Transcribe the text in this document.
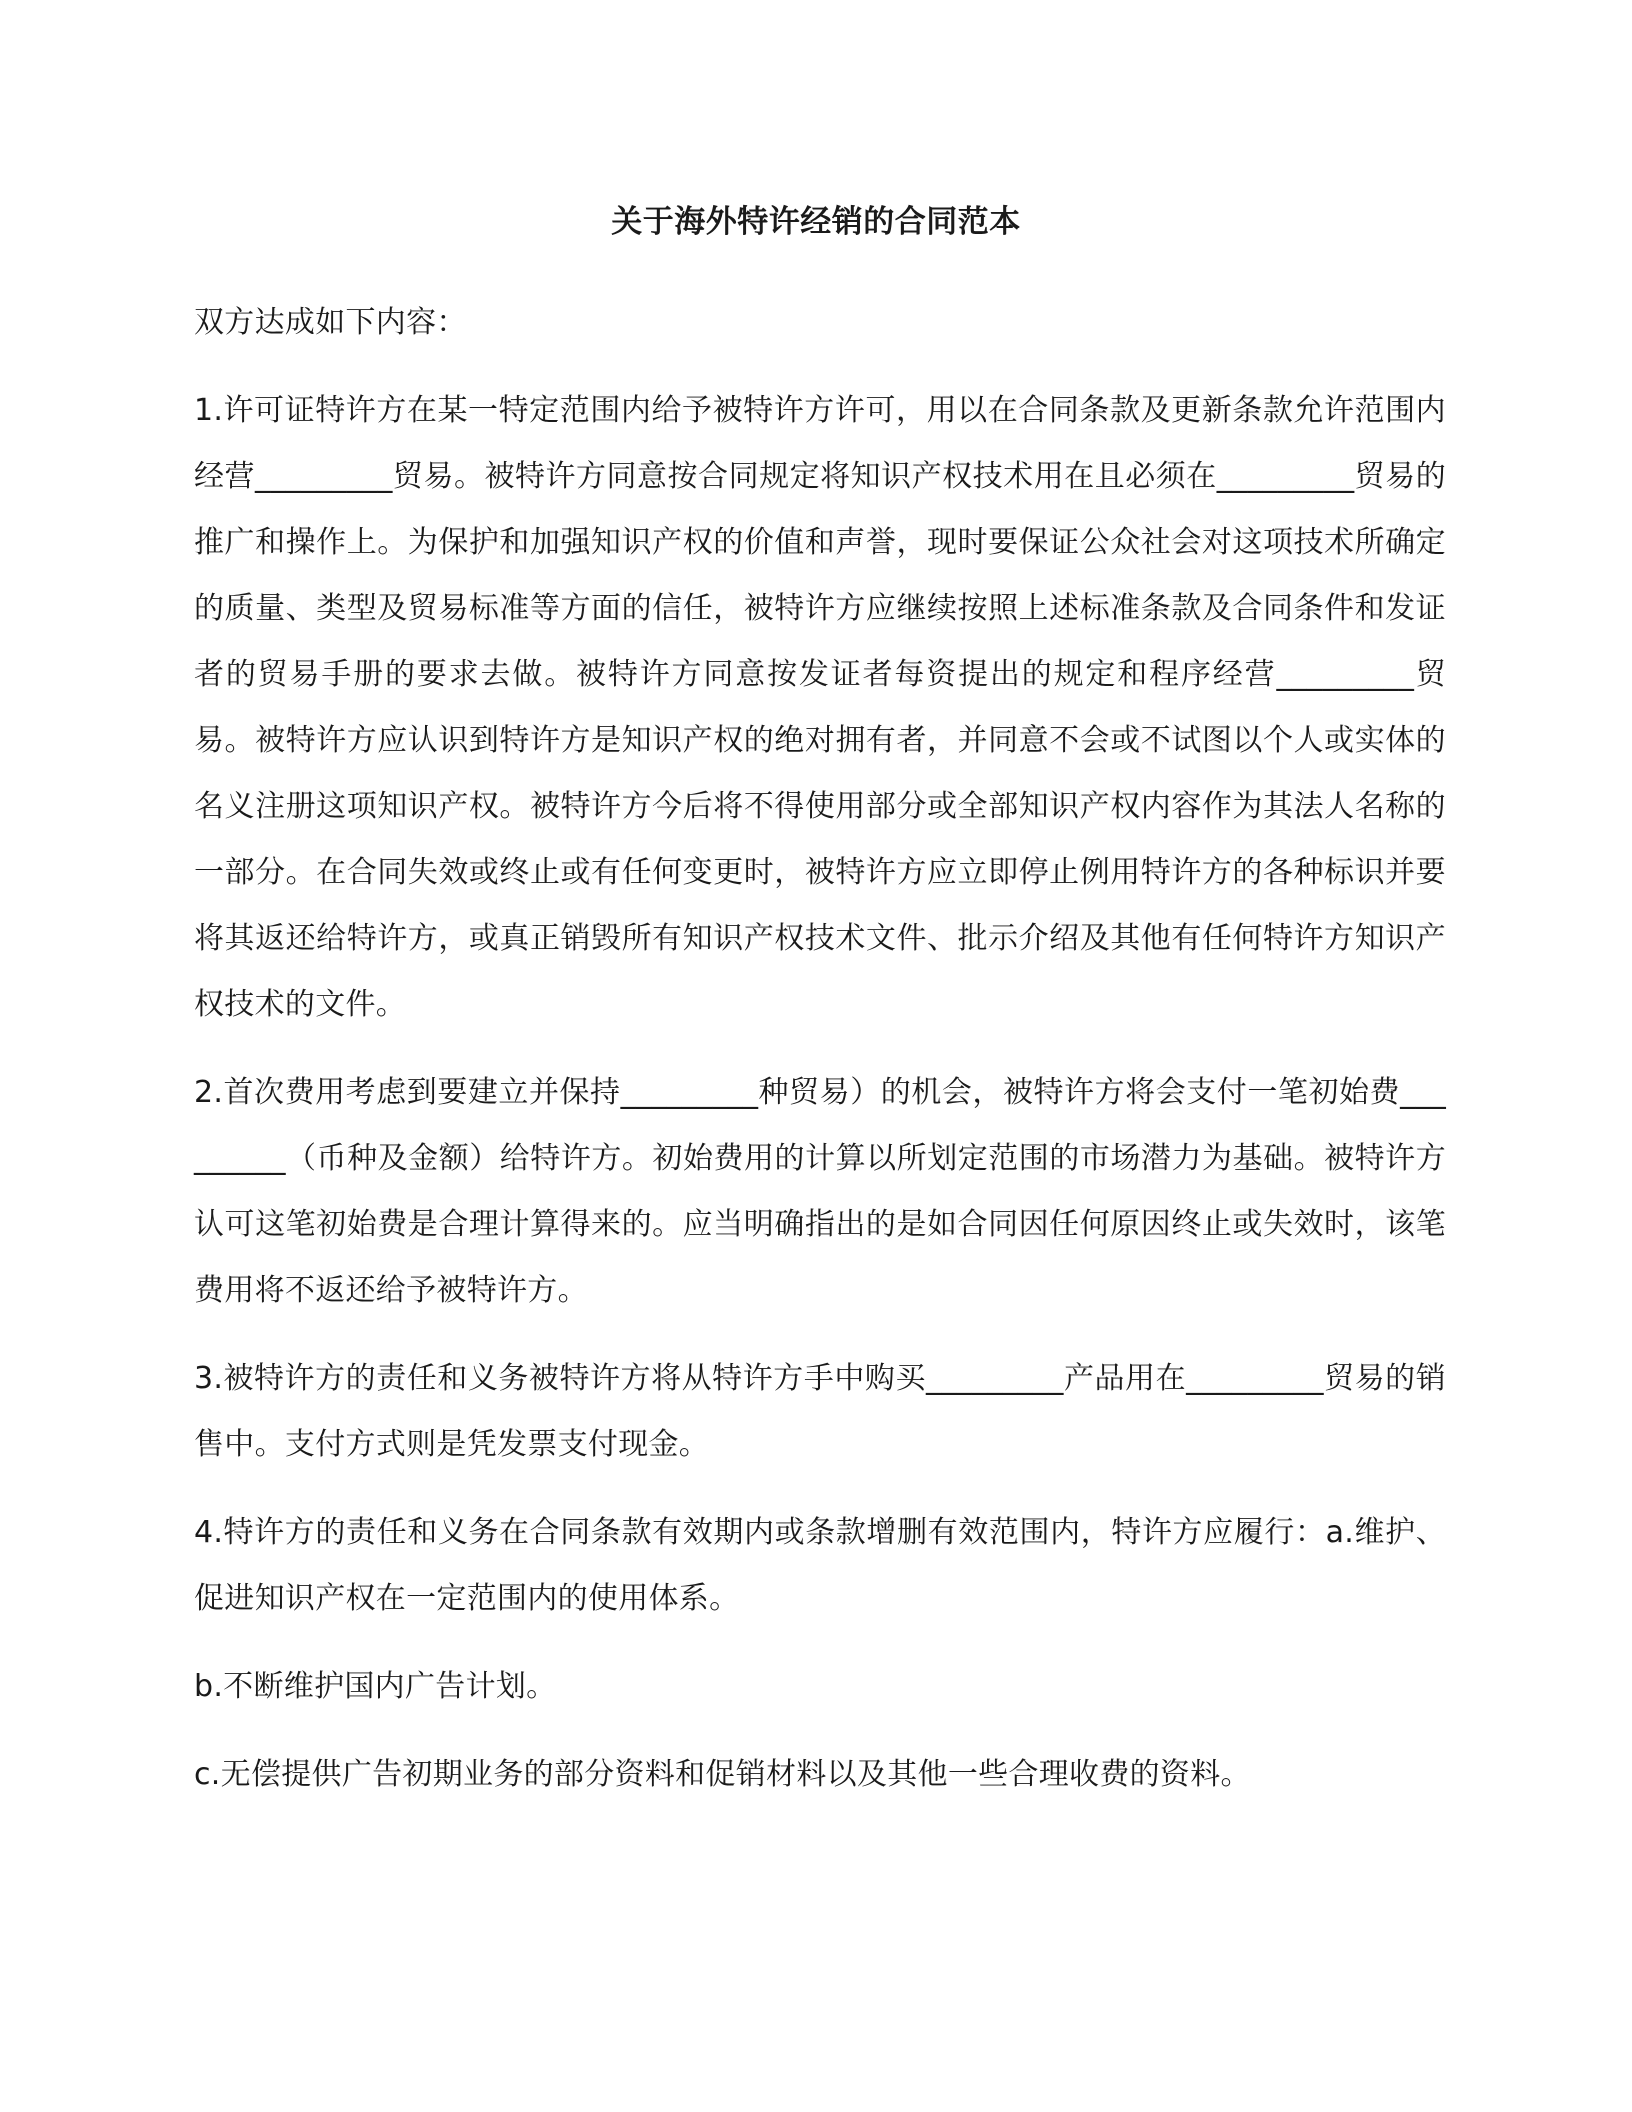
关于海外特许经销的合同范本

双方达成如下内容：

1.许可证特许方在某一特定范围内给予被特许方许可，用以在合同条款及更新条款允许范围内经营_________贸易。被特许方同意按合同规定将知识产权技术用在且必须在_________贸易的推广和操作上。为保护和加强知识产权的价值和声誉，现时要保证公众社会对这项技术所确定的质量、类型及贸易标准等方面的信任，被特许方应继续按照上述标准条款及合同条件和发证者的贸易手册的要求去做。被特许方同意按发证者每资提出的规定和程序经营_________贸易。被特许方应认识到特许方是知识产权的绝对拥有者，并同意不会或不试图以个人或实体的名义注册这项知识产权。被特许方今后将不得使用部分或全部知识产权内容作为其法人名称的一部分。在合同失效或终止或有任何变更时，被特许方应立即停止例用特许方的各种标识并要将其返还给特许方，或真正销毁所有知识产权技术文件、批示介绍及其他有任何特许方知识产权技术的文件。

2.首次费用考虑到要建立并保持_________种贸易）的机会，被特许方将会支付一笔初始费_________（币种及金额）给特许方。初始费用的计算以所划定范围的市场潜力为基础。被特许方认可这笔初始费是合理计算得来的。应当明确指出的是如合同因任何原因终止或失效时，该笔费用将不返还给予被特许方。

3.被特许方的责任和义务被特许方将从特许方手中购买_________产品用在_________贸易的销售中。支付方式则是凭发票支付现金。

4.特许方的责任和义务在合同条款有效期内或条款增删有效范围内，特许方应履行：a.维护、促进知识产权在一定范围内的使用体系。

b.不断维护国内广告计划。

c.无偿提供广告初期业务的部分资料和促销材料以及其他一些合理收费的资料。
